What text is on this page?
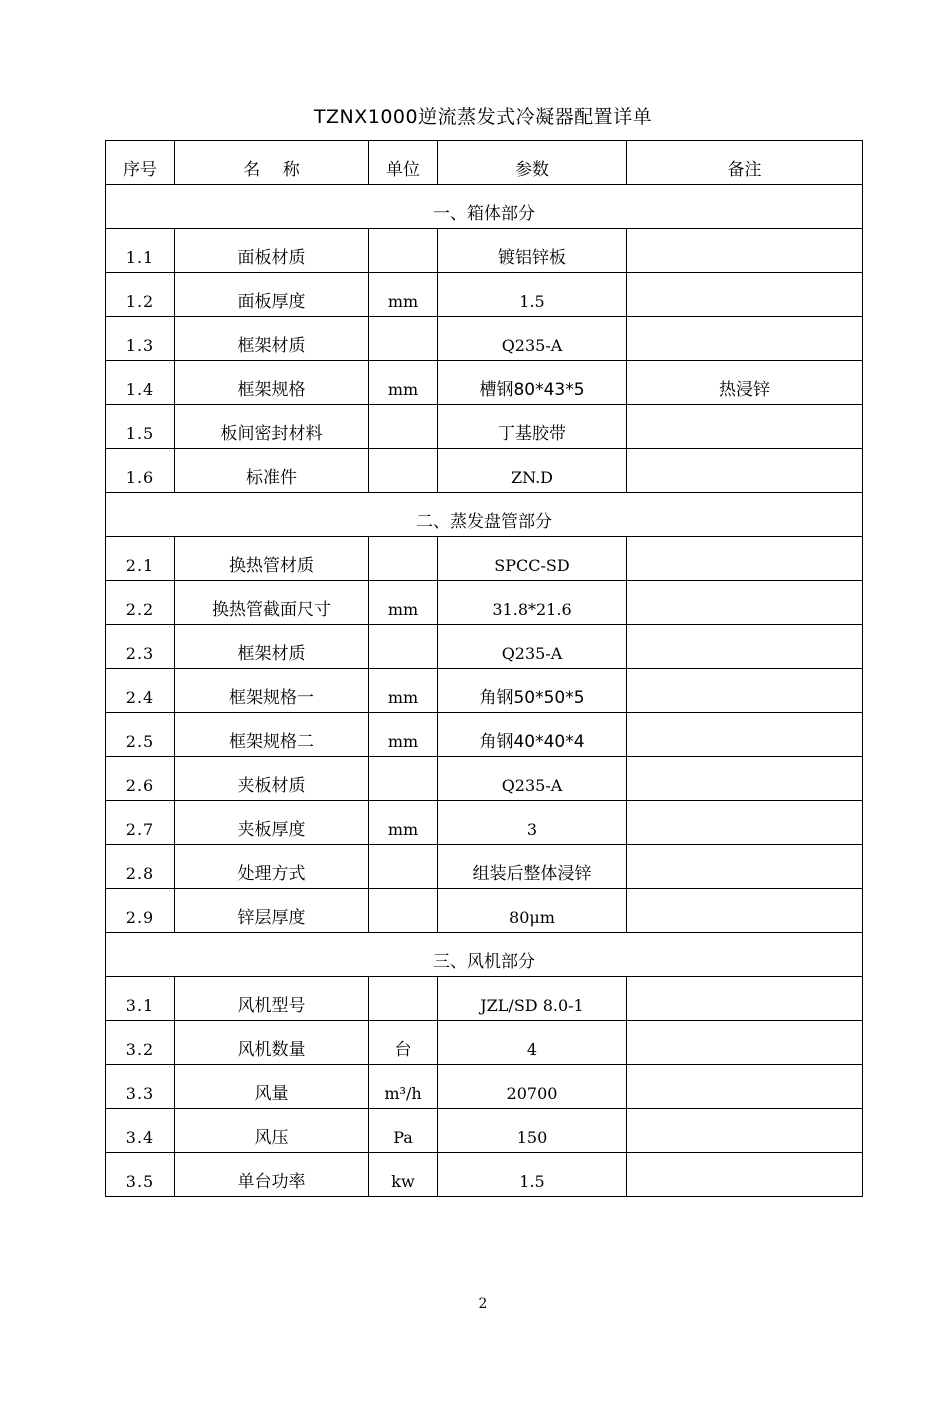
TZNX1000逆流蒸发式冷凝器配置详单
序号	名　 称	单位	参数	备注
一、箱体部分				
1.1	面板材质		镀铝锌板	
1.2	面板厚度	mm	1.5	
1.3	框架材质		Q235-A	
1.4	框架规格	mm	槽钢80*43*5	热浸锌
1.5	板间密封材料		丁基胶带	
1.6	标准件		ZN.D	
二、蒸发盘管部分				
2.1	换热管材质		SPCC-SD	
2.2	换热管截面尺寸	mm	31.8*21.6	
2.3	框架材质		Q235-A	
2.4	框架规格一	mm	角钢50*50*5	
2.5	框架规格二	mm	角钢40*40*4	
2.6	夹板材质		Q235-A	
2.7	夹板厚度	mm	3	
2.8	处理方式		组装后整体浸锌	
2.9	锌层厚度		80μm	
三、风机部分				
3.1	风机型号		JZL/SD 8.0-1	
3.2	风机数量	台	4	
3.3	风量	m³/h	20700	
3.4	风压	Pa	150	
3.5	单台功率	kw	1.5	
2
